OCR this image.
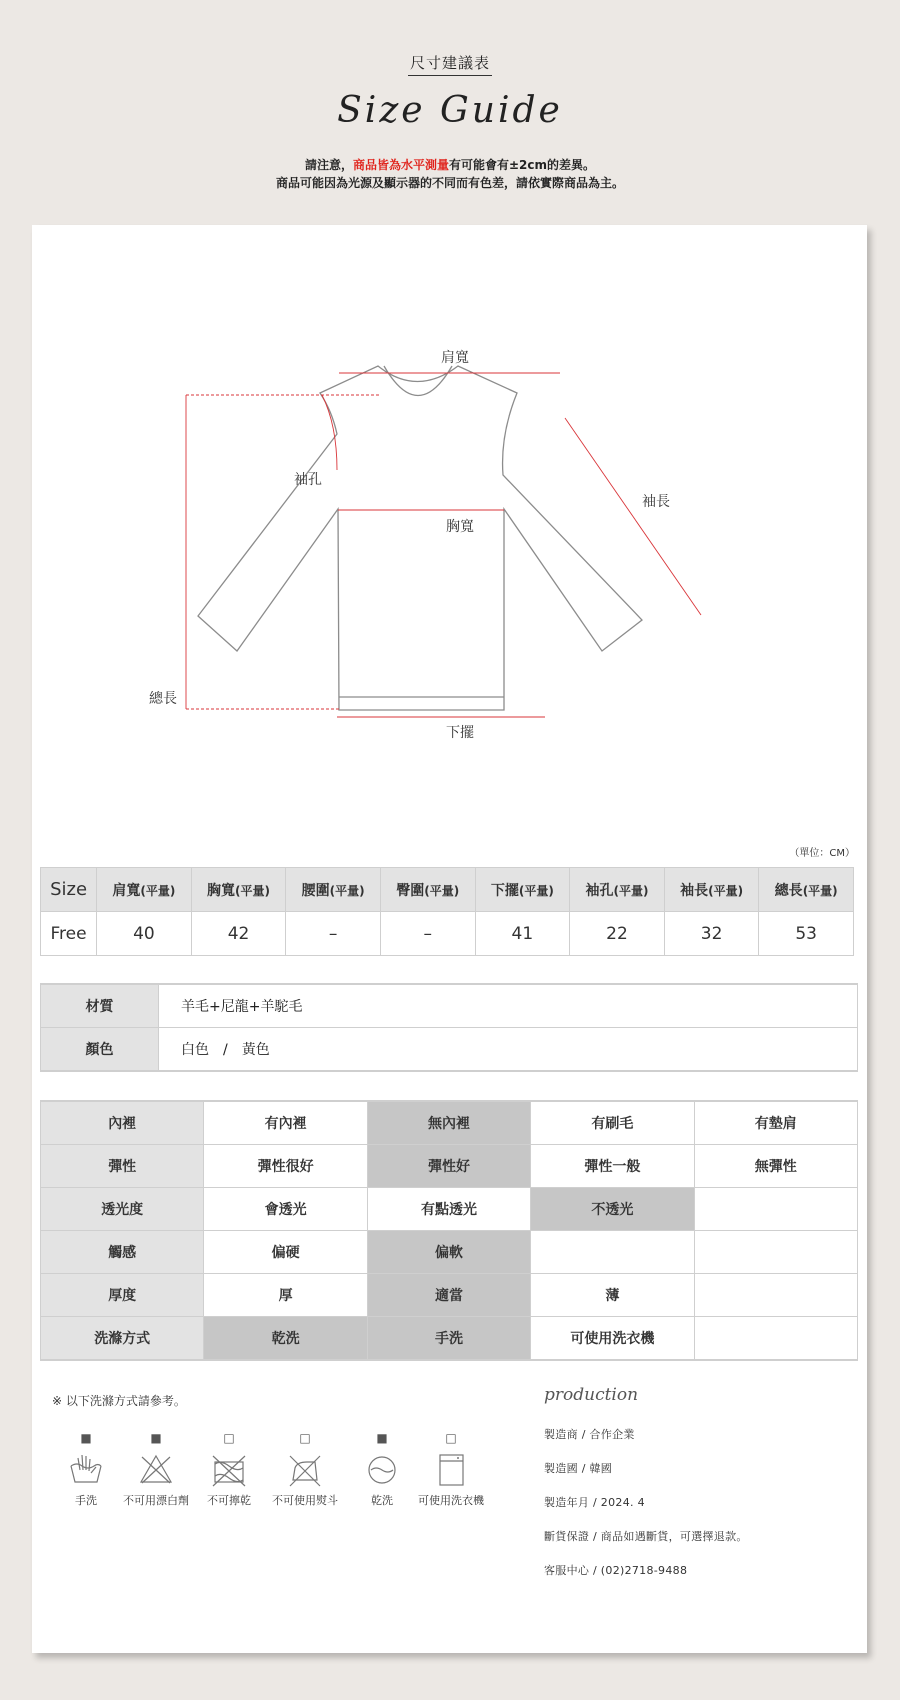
尺寸建議表
Size Guide
請注意，商品皆為水平測量有可能會有±2cm的差異。
商品可能因為光源及顯示器的不同而有色差，請依實際商品為主。
肩寬
袖孔
袖長
胸寬
總長
下擺
（單位：CM）
Size	肩寬(平量)	胸寬(平量)	腰圍(平量)	臀圍(平量)	下擺(平量)	袖孔(平量)	袖長(平量)	總長(平量)
Free	40	42	–	–	41	22	32	53
材質	羊毛+尼龍+羊駝毛
顏色	白色　/　黃色
內裡	有內裡	無內裡	有刷毛	有墊肩
彈性	彈性很好	彈性好	彈性一般	無彈性
透光度	會透光	有點透光	不透光	
觸感	偏硬	偏軟		
厚度	厚	適當	薄	
洗滌方式	乾洗	手洗	可使用洗衣機	
※ 以下洗滌方式請參考。
■
手洗
■
不可用漂白劑
□
不可擰乾
□
不可使用熨斗
■
乾洗
□
可使用洗衣機
production
製造商 / 合作企業
製造國 / 韓國
製造年月 / 2024. 4
斷貨保證 / 商品如遇斷貨，可選擇退款。
客服中心 / (02)2718-9488
